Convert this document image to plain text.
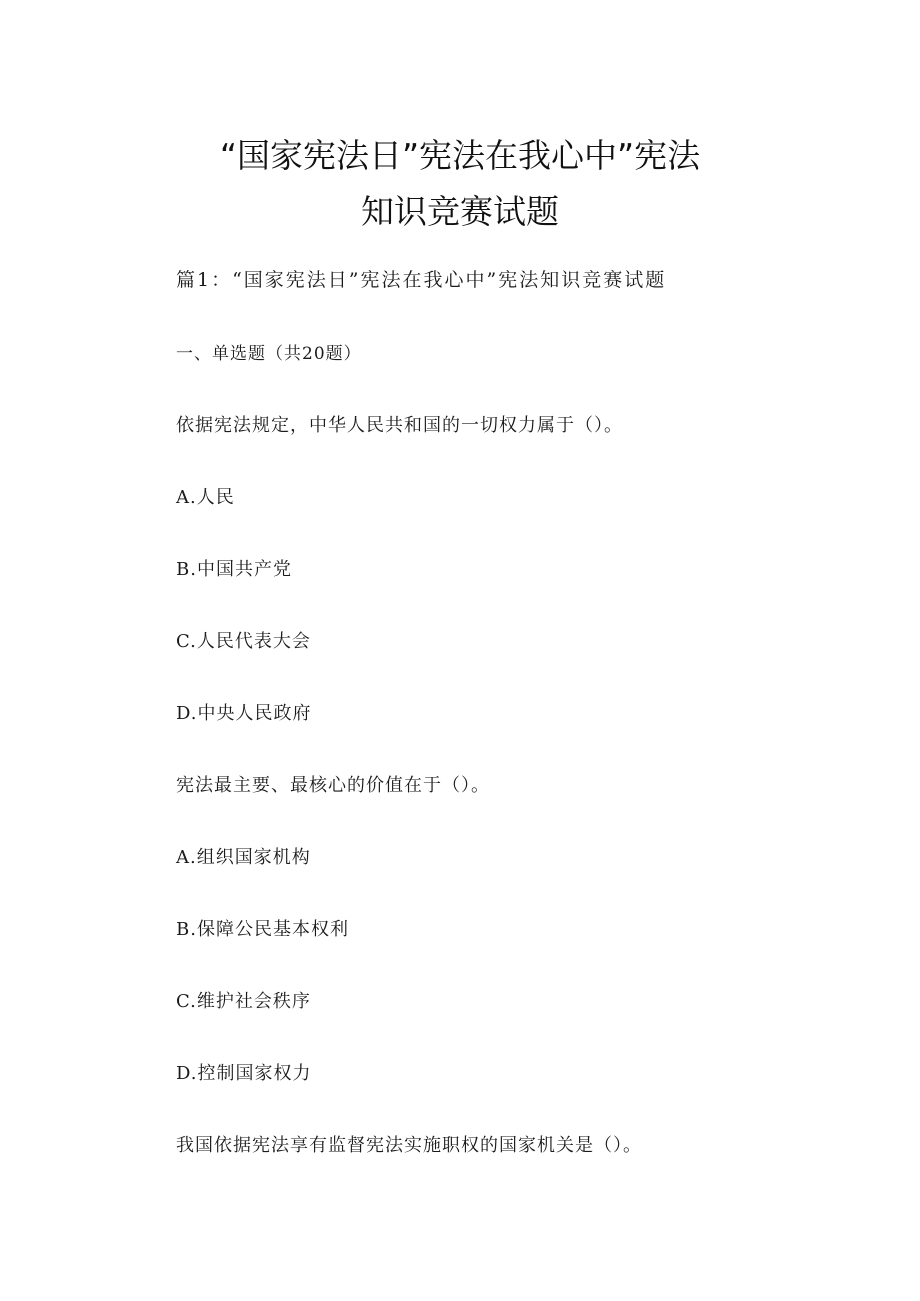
“国家宪法日”宪法在我心中”宪法
知识竞赛试题
篇1：“国家宪法日”宪法在我心中”宪法知识竞赛试题
一、单选题（共20题）
依据宪法规定，中华人民共和国的一切权力属于（）。
A.人民
B.中国共产党
C.人民代表大会
D.中央人民政府
宪法最主要、最核心的价值在于（）。
A.组织国家机构
B.保障公民基本权利
C.维护社会秩序
D.控制国家权力
我国依据宪法享有监督宪法实施职权的国家机关是（）。
